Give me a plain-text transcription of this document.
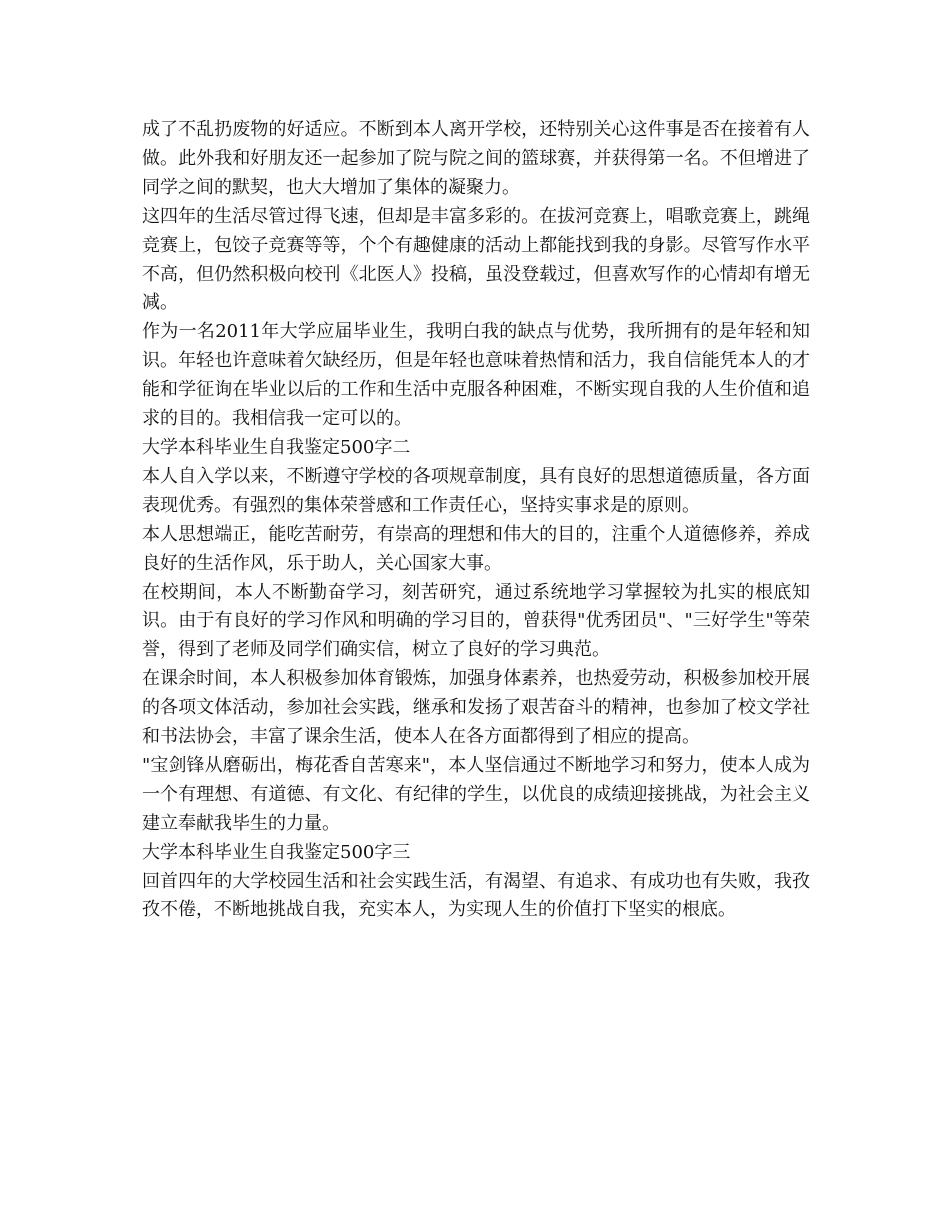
成了不乱扔废物的好适应。不断到本人离开学校，还特别关心这件事是否在接着有人做。此外我和好朋友还一起参加了院与院之间的篮球赛，并获得第一名。不但增进了同学之间的默契，也大大增加了集体的凝聚力。

这四年的生活尽管过得飞速，但却是丰富多彩的。在拔河竞赛上，唱歌竞赛上，跳绳竞赛上，包饺子竞赛等等，个个有趣健康的活动上都能找到我的身影。尽管写作水平不高，但仍然积极向校刊《北医人》投稿，虽没登载过，但喜欢写作的心情却有增无减。

作为一名2011年大学应届毕业生，我明白我的缺点与优势，我所拥有的是年轻和知识。年轻也许意味着欠缺经历，但是年轻也意味着热情和活力，我自信能凭本人的才能和学征询在毕业以后的工作和生活中克服各种困难，不断实现自我的人生价值和追求的目的。我相信我一定可以的。

大学本科毕业生自我鉴定500字二

本人自入学以来，不断遵守学校的各项规章制度，具有良好的思想道德质量，各方面表现优秀。有强烈的集体荣誉感和工作责任心，坚持实事求是的原则。

本人思想端正，能吃苦耐劳，有崇高的理想和伟大的目的，注重个人道德修养，养成良好的生活作风，乐于助人，关心国家大事。

在校期间，本人不断勤奋学习，刻苦研究，通过系统地学习掌握较为扎实的根底知识。由于有良好的学习作风和明确的学习目的，曾获得"优秀团员"、"三好学生"等荣誉，得到了老师及同学们确实信，树立了良好的学习典范。

在课余时间，本人积极参加体育锻炼，加强身体素养，也热爱劳动，积极参加校开展的各项文体活动，参加社会实践，继承和发扬了艰苦奋斗的精神，也参加了校文学社和书法协会，丰富了课余生活，使本人在各方面都得到了相应的提高。

"宝剑锋从磨砺出，梅花香自苦寒来"，本人坚信通过不断地学习和努力，使本人成为一个有理想、有道德、有文化、有纪律的学生，以优良的成绩迎接挑战，为社会主义建立奉献我毕生的力量。

大学本科毕业生自我鉴定500字三

回首四年的大学校园生活和社会实践生活，有渴望、有追求、有成功也有失败，我孜孜不倦，不断地挑战自我，充实本人，为实现人生的价值打下坚实的根底。
